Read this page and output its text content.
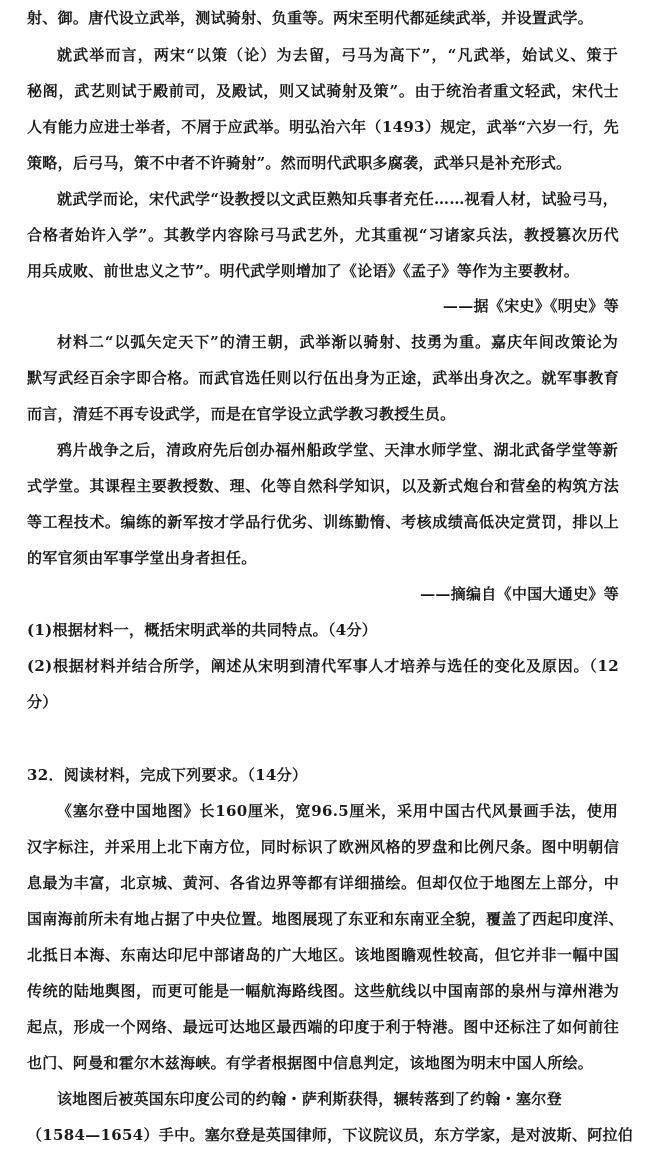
射、御。唐代设立武举，测试骑射、负重等。两宋至明代都延续武举，并设置武学。
就武举而言，两宋“以策（论）为去留，弓马为高下”，“凡武举，始试义、策于
秘阁，武艺则试于殿前司，及殿试，则又试骑射及策”。由于统治者重文轻武，宋代士
人有能力应进士举者，不屑于应武举。明弘治六年（1493）规定，武举“六岁一行，先
策略，后弓马，策不中者不许骑射”。然而明代武职多腐袭，武举只是补充形式。
就武学而论，宋代武学“设教授以文武臣熟知兵事者充任……视看人材，试验弓马，
合格者始许入学”。其教学内容除弓马武艺外，尤其重视“习诸家兵法，教授篡次历代
用兵成败、前世忠义之节”。明代武学则增加了《论语》《孟子》等作为主要教材。
——据《宋史》《明史》等
材料二“以弧矢定天下”的清王朝，武举渐以骑射、技勇为重。嘉庆年间改策论为
默写武经百余字即合格。而武官选任则以行伍出身为正途，武举出身次之。就军事教育
而言，清廷不再专设武学，而是在官学设立武学教习教授生员。
鸦片战争之后，清政府先后创办福州船政学堂、天津水师学堂、湖北武备学堂等新
式学堂。其课程主要教授数、理、化等自然科学知识，以及新式炮台和营垒的构筑方法
等工程技术。编练的新军按才学品行优劣、训练勤惰、考核成绩高低决定赏罚，排以上
的军官须由军事学堂出身者担任。
——摘编自《中国大通史》等
(1)根据材料一，概括宋明武举的共同特点。（4分）
(2)根据材料并结合所学，阐述从宋明到清代军事人才培养与选任的变化及原因。（12
分）
32．阅读材料，完成下列要求。（14分）
《塞尔登中国地图》长160厘米，宽96.5厘米，采用中国古代风景画手法，使用
汉字标注，并采用上北下南方位，同时标识了欧洲风格的罗盘和比例尺条。图中明朝信
息最为丰富，北京城、黄河、各省边界等都有详细描绘。但却仅位于地图左上部分，中
国南海前所未有地占据了中央位置。地图展现了东亚和东南亚全貌，覆盖了西起印度洋、
北抵日本海、东南达印尼中部诸岛的广大地区。该地图瞻观性较高，但它并非一幅中国
传统的陆地舆图，而更可能是一幅航海路线图。这些航线以中国南部的泉州与漳州港为
起点，形成一个网络、最远可达地区最西端的印度于利于特港。图中还标注了如何前往
也门、阿曼和霍尔木兹海峡。有学者根据图中信息判定，该地图为明末中国人所绘。
该地图后被英国东印度公司的约翰・萨利斯获得，辗转落到了约翰・塞尔登
（1584—1654）手中。塞尔登是英国律师，下议院议员，东方学家，是对波斯、阿拉伯
